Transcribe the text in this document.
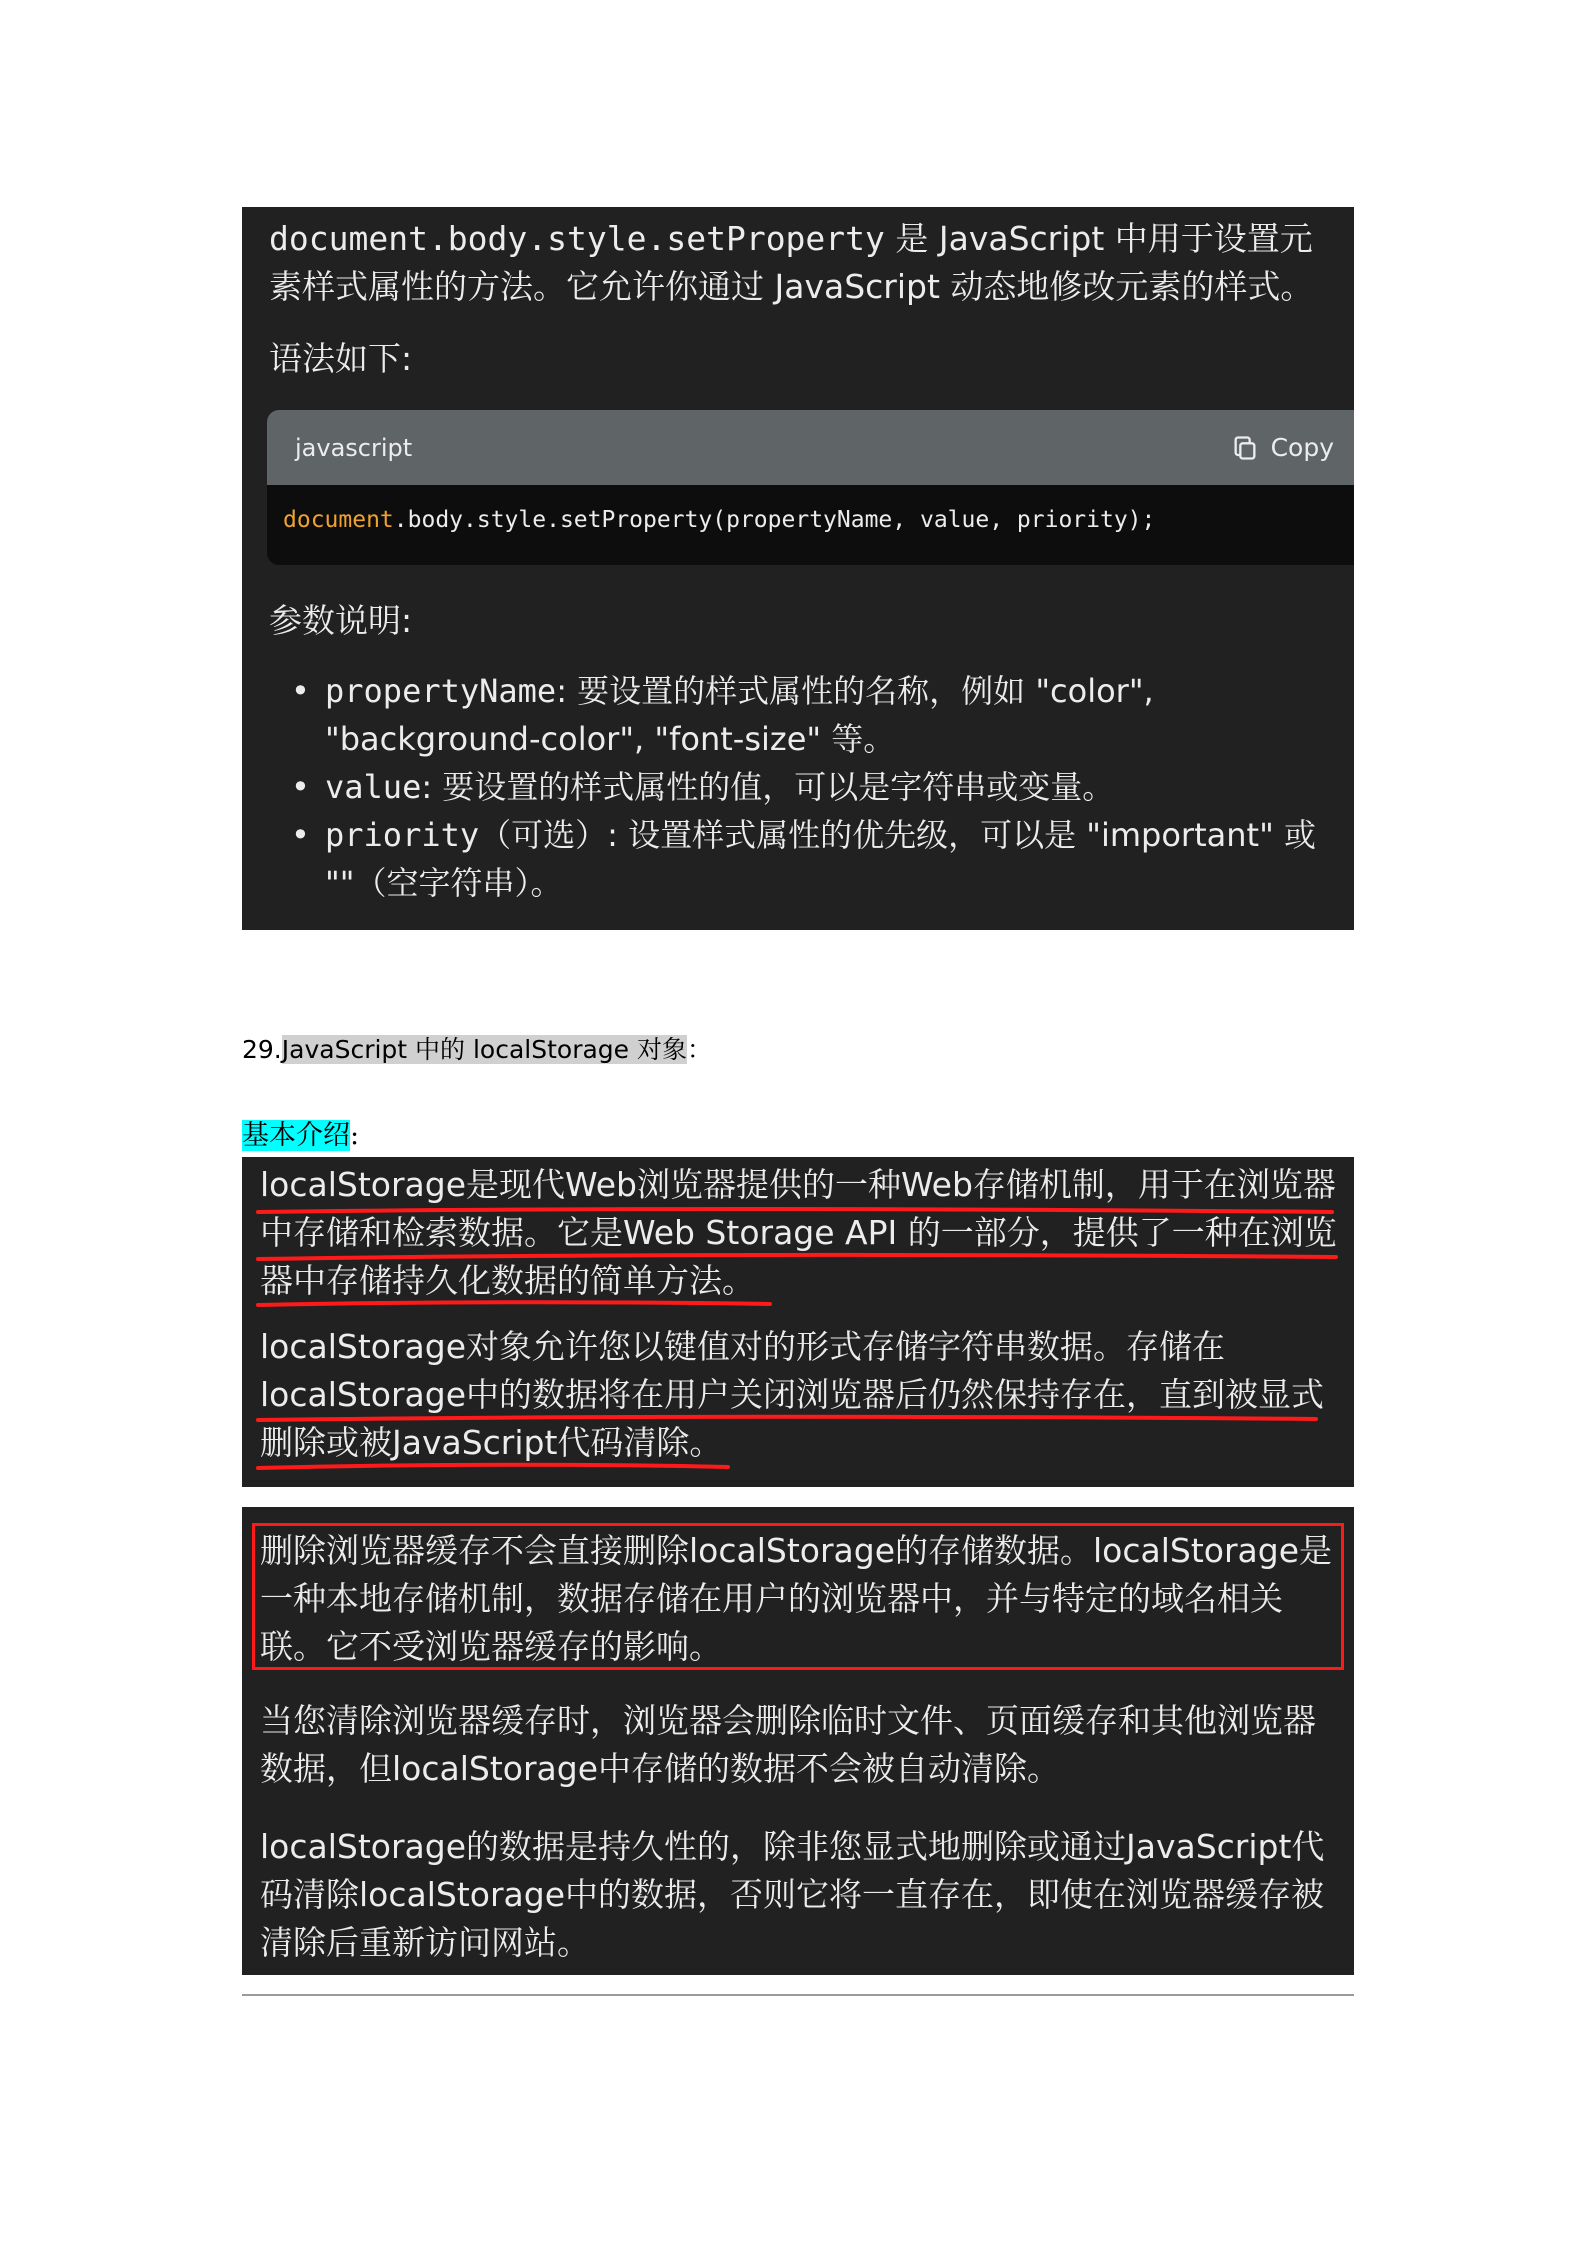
document.body.style.setProperty 是 JavaScript 中用于设置元素样式属性的方法。它允许你通过 JavaScript 动态地修改元素的样式。
语法如下:
javascript	Copy
document.body.style.setProperty(propertyName, value, priority);
参数说明:
• propertyName: 要设置的样式属性的名称，例如 "color", "background-color", "font-size" 等。
• value: 要设置的样式属性的值，可以是字符串或变量。
• priority（可选）: 设置样式属性的优先级，可以是 "important" 或 ""（空字符串）。
29.JavaScript 中的 localStorage 对象：
基本介绍:
localStorage是现代Web浏览器提供的一种Web存储机制，用于在浏览器中存储和检索数据。它是Web Storage API 的一部分，提供了一种在浏览器中存储持久化数据的简单方法。
localStorage对象允许您以键值对的形式存储字符串数据。存储在localStorage中的数据将在用户关闭浏览器后仍然保持存在，直到被显式删除或被JavaScript代码清除。
删除浏览器缓存不会直接删除localStorage的存储数据。localStorage是一种本地存储机制，数据存储在用户的浏览器中，并与特定的域名相关联。它不受浏览器缓存的影响。
当您清除浏览器缓存时，浏览器会删除临时文件、页面缓存和其他浏览器数据，但localStorage中存储的数据不会被自动清除。
localStorage的数据是持久性的，除非您显式地删除或通过JavaScript代码清除localStorage中的数据，否则它将一直存在，即使在浏览器缓存被清除后重新访问网站。
